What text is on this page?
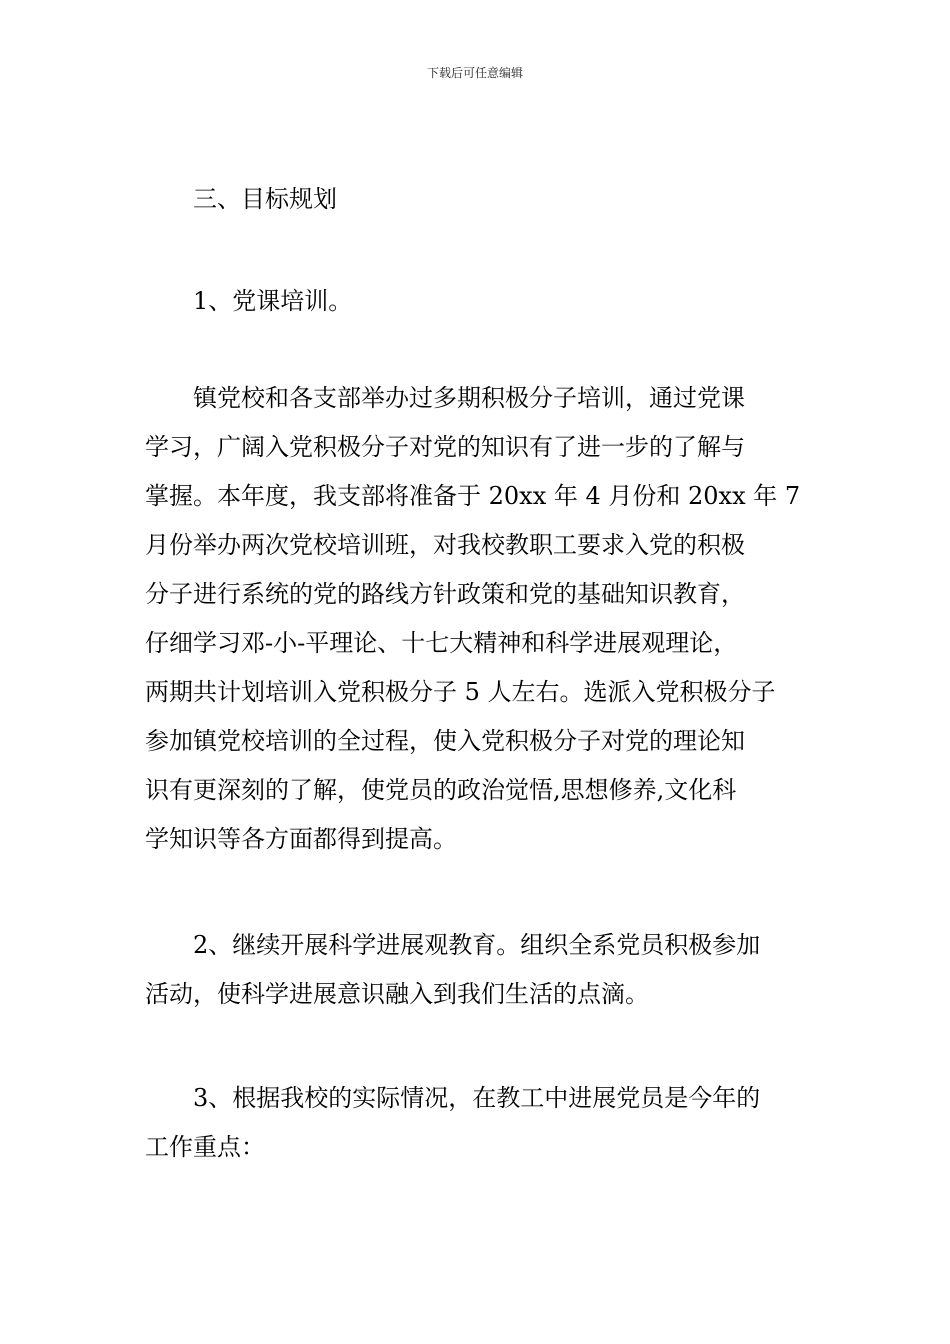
下载后可任意编辑
三、目标规划
1、党课培训。
镇党校和各支部举办过多期积极分子培训，通过党课
学习，广阔入党积极分子对党的知识有了进一步的了解与
掌握。本年度，我支部将准备于 20xx 年 4 月份和 20xx 年 7
月份举办两次党校培训班，对我校教职工要求入党的积极
分子进行系统的党的路线方针政策和党的基础知识教育，
仔细学习邓-小-平理论、十七大精神和科学进展观理论，
两期共计划培训入党积极分子 5 人左右。选派入党积极分子
参加镇党校培训的全过程，使入党积极分子对党的理论知
识有更深刻的了解，使党员的政治觉悟,思想修养,文化科
学知识等各方面都得到提高。
2、继续开展科学进展观教育。组织全系党员积极参加
活动，使科学进展意识融入到我们生活的点滴。
3、根据我校的实际情况，在教工中进展党员是今年的
工作重点：
